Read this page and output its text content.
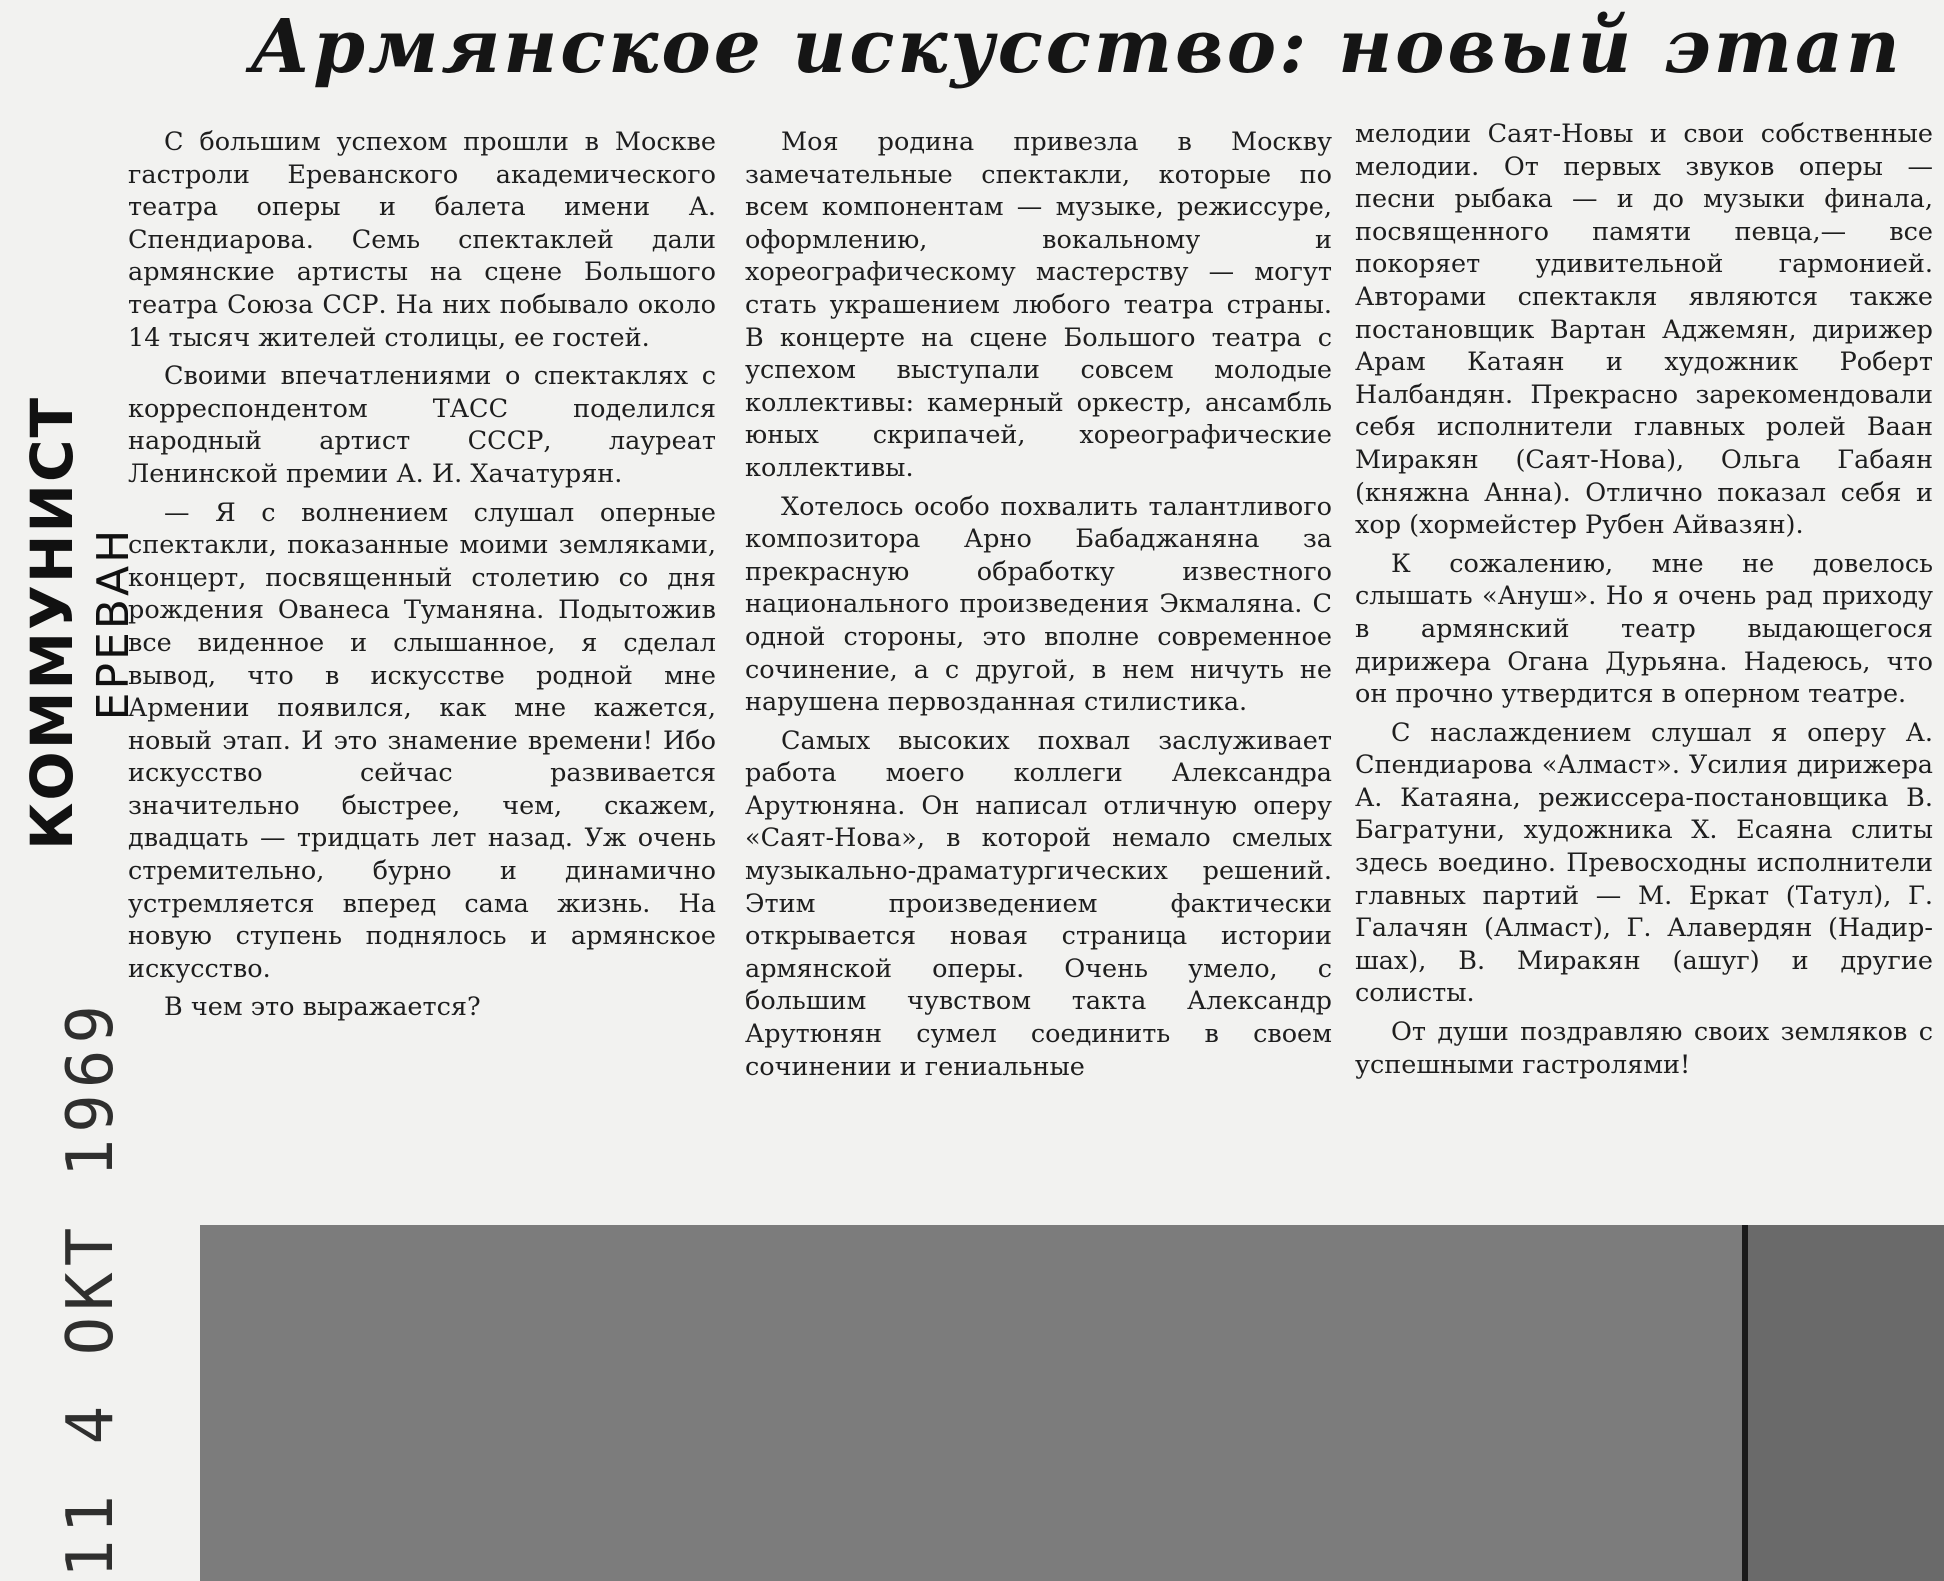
Армянское искусство: новый этап
КОММУНИСТ ЕРЕВАН
11 4 ОКТ 1969

С большим успехом прошли в Москве гастроли Ереванского академического театра оперы и балета имени А. Спендиарова. Семь спектаклей дали армянские артисты на сцене Большого театра Союза ССР. На них побывало около 14 тысяч жителей столицы, ее гостей.

Своими впечатлениями о спектаклях с корреспондентом ТАСС поделился народный артист СССР, лауреат Ленинской премии А. И. Хачатурян.

— Я с волнением слушал оперные спектакли, показанные моими земляками, концерт, посвященный столетию со дня рождения Ованеса Туманяна. Подытожив все виденное и слышанное, я сделал вывод, что в искусстве родной мне Армении появился, как мне кажется, новый этап. И это знамение времени! Ибо искусство сейчас развивается значительно быстрее, чем, скажем, двадцать — тридцать лет назад. Уж очень стремительно, бурно и динамично устремляется вперед сама жизнь. На новую ступень поднялось и армянское искусство.

В чем это выражается?

Моя родина привезла в Москву замечательные спектакли, которые по всем компонентам — музыке, режиссуре, оформлению, вокальному и хореографическому мастерству — могут стать украшением любого театра страны. В концерте на сцене Большого театра с успехом выступали совсем молодые коллективы: камерный оркестр, ансамбль юных скрипачей, хореографические коллективы.

Хотелось особо похвалить талантливого композитора Арно Бабаджаняна за прекрасную обработку известного национального произведения Экмаляна. С одной стороны, это вполне современное сочинение, а с другой, в нем ничуть не нарушена первозданная стилистика.

Самых высоких похвал заслуживает работа моего коллеги Александра Арутюняна. Он написал отличную оперу «Саят-Нова», в которой немало смелых музыкально-драматургических решений. Этим произведением фактически открывается новая страница истории армянской оперы. Очень умело, с большим чувством такта Александр Арутюнян сумел соединить в своем сочинении и гениальные

мелодии Саят-Новы и свои собственные мелодии. От первых звуков оперы — песни рыбака — и до музыки финала, посвященного памяти певца,— все покоряет удивительной гармонией. Авторами спектакля являются также постановщик Вартан Аджемян, дирижер Арам Катаян и художник Роберт Налбандян. Прекрасно зарекомендовали себя исполнители главных ролей Ваан Миракян (Саят-Нова), Ольга Габаян (княжна Анна). Отлично показал себя и хор (хормейстер Рубен Айвазян).

К сожалению, мне не довелось слышать «Ануш». Но я очень рад приходу в армянский театр выдающегося дирижера Огана Дурьяна. Надеюсь, что он прочно утвердится в оперном театре.

С наслаждением слушал я оперу А. Спендиарова «Алмаст». Усилия дирижера А. Катаяна, режиссера-постановщика В. Багратуни, художника Х. Есаяна слиты здесь воедино. Превосходны исполнители главных партий — М. Еркат (Татул), Г. Галачян (Алмаст), Г. Алавердян (Надир-шах), В. Миракян (ашуг) и другие солисты.

От души поздравляю своих земляков с успешными гастролями!
